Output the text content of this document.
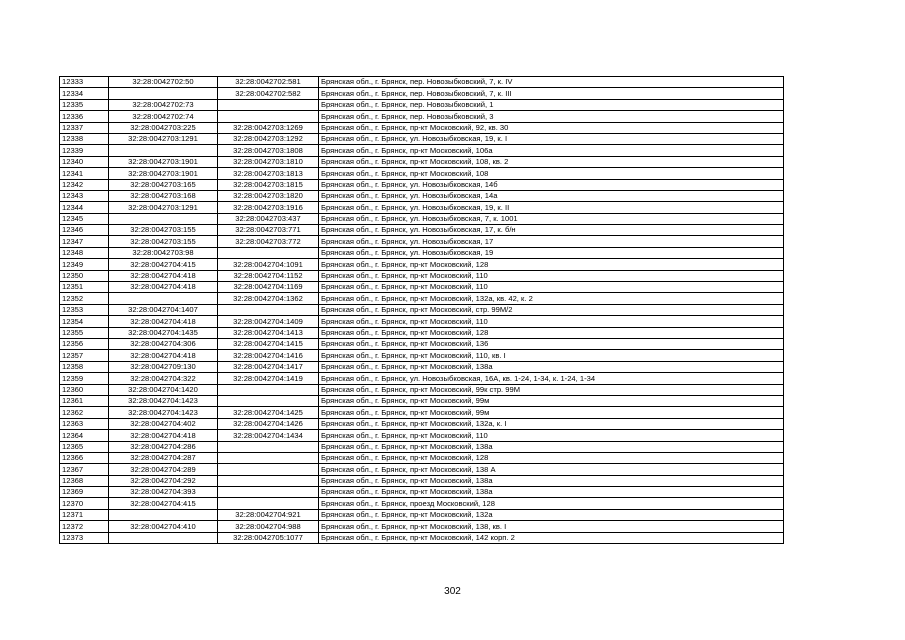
12333	32:28:0042702:50	32:28:0042702:581	Брянская обл., г. Брянск, пер. Новозыбковский, 7, к. IV
12334		32:28:0042702:582	Брянская обл., г. Брянск, пер. Новозыбковский, 7, к. III
12335	32:28:0042702:73		Брянская обл., г. Брянск, пер. Новозыбковский, 1
12336	32:28:0042702:74		Брянская обл., г. Брянск, пер. Новозыбковский, 3
12337	32:28:0042703:225	32:28:0042703:1269	Брянская обл., г. Брянск, пр-кт Московский, 92, кв. 30
12338	32:28:0042703:1291	32:28:0042703:1292	Брянская обл., г. Брянск, ул. Новозыбковская, 19, к. I
12339		32:28:0042703:1808	Брянская обл., г. Брянск, пр-кт Московский, 106а
12340	32:28:0042703:1901	32:28:0042703:1810	Брянская обл., г. Брянск, пр-кт Московский, 108, кв. 2
12341	32:28:0042703:1901	32:28:0042703:1813	Брянская обл., г. Брянск, пр-кт Московский, 108
12342	32:28:0042703:165	32:28:0042703:1815	Брянская обл., г. Брянск, ул. Новозыбковская, 14б
12343	32:28:0042703:168	32:28:0042703:1820	Брянская обл., г. Брянск, ул. Новозыбковская, 14а
12344	32:28:0042703:1291	32:28:0042703:1916	Брянская обл., г. Брянск, ул. Новозыбковская, 19, к. II
12345		32:28:0042703:437	Брянская обл., г. Брянск, ул. Новозыбковская, 7, к. 1001
12346	32:28:0042703:155	32:28:0042703:771	Брянская обл., г. Брянск, ул. Новозыбковская, 17, к. б/н
12347	32:28:0042703:155	32:28:0042703:772	Брянская обл., г. Брянск, ул. Новозыбковская, 17
12348	32:28:0042703:98		Брянская обл., г. Брянск, ул. Новозыбковская, 19
12349	32:28:0042704:415	32:28:0042704:1091	Брянская обл., г. Брянск, пр-кт Московский, 128
12350	32:28:0042704:418	32:28:0042704:1152	Брянская обл., г. Брянск, пр-кт Московский, 110
12351	32:28:0042704:418	32:28:0042704:1169	Брянская обл., г. Брянск, пр-кт Московский, 110
12352		32:28:0042704:1362	Брянская обл., г. Брянск, пр-кт Московский, 132а, кв. 42, к. 2
12353	32:28:0042704:1407		Брянская обл., г. Брянск, пр-кт Московский, стр. 99М/2
12354	32:28:0042704:418	32:28:0042704:1409	Брянская обл., г. Брянск, пр-кт Московский, 110
12355	32:28:0042704:1435	32:28:0042704:1413	Брянская обл., г. Брянск, пр-кт Московский, 128
12356	32:28:0042704:306	32:28:0042704:1415	Брянская обл., г. Брянск, пр-кт Московский, 136
12357	32:28:0042704:418	32:28:0042704:1416	Брянская обл., г. Брянск, пр-кт Московский, 110, кв. I
12358	32:28:0042709:130	32:28:0042704:1417	Брянская обл., г. Брянск, пр-кт Московский, 138а
12359	32:28:0042704:322	32:28:0042704:1419	Брянская обл., г. Брянск, ул. Новозыбковская, 16А, кв. 1-24, 1-34, к. 1-24, 1-34
12360	32:28:0042704:1420		Брянская обл., г. Брянск, пр-кт Московский, 99к стр. 99М
12361	32:28:0042704:1423		Брянская обл., г. Брянск, пр-кт Московский, 99м
12362	32:28:0042704:1423	32:28:0042704:1425	Брянская обл., г. Брянск, пр-кт Московский, 99м
12363	32:28:0042704:402	32:28:0042704:1426	Брянская обл., г. Брянск, пр-кт Московский, 132а, к. I
12364	32:28:0042704:418	32:28:0042704:1434	Брянская обл., г. Брянск, пр-кт Московский, 110
12365	32:28:0042704:286		Брянская обл., г. Брянск, пр-кт Московский, 138а
12366	32:28:0042704:287		Брянская обл., г. Брянск, пр-кт Московский, 128
12367	32:28:0042704:289		Брянская обл., г. Брянск, пр-кт Московский, 138 А
12368	32:28:0042704:292		Брянская обл., г. Брянск, пр-кт Московский, 138а
12369	32:28:0042704:393		Брянская обл., г. Брянск, пр-кт Московский, 138а
12370	32:28:0042704:415		Брянская обл., г. Брянск, проезд Московский, 128
12371		32:28:0042704:921	Брянская обл., г. Брянск, пр-кт Московский, 132а
12372	32:28:0042704:410	32:28:0042704:988	Брянская обл., г. Брянск, пр-кт Московский, 138, кв. I
12373		32:28:0042705:1077	Брянская обл., г. Брянск, пр-кт Московский, 142 корп. 2
302
